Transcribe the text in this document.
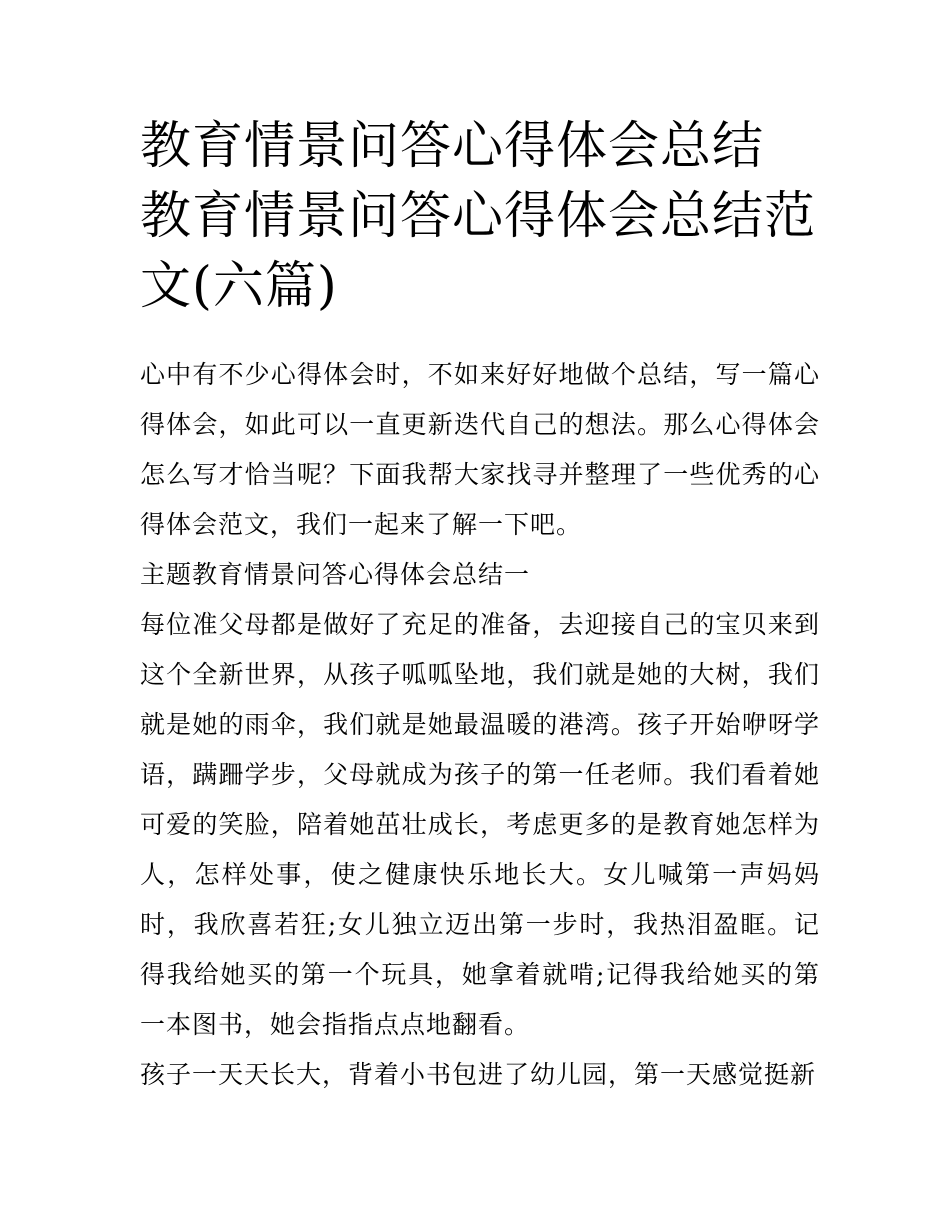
教育情景问答心得体会总结 教育情景问答心得体会总结范文(六篇)

心中有不少心得体会时，不如来好好地做个总结，写一篇心得体会，如此可以一直更新迭代自己的想法。那么心得体会怎么写才恰当呢？下面我帮大家找寻并整理了一些优秀的心得体会范文，我们一起来了解一下吧。

主题教育情景问答心得体会总结一

每位准父母都是做好了充足的准备，去迎接自己的宝贝来到这个全新世界，从孩子呱呱坠地，我们就是她的大树，我们就是她的雨伞，我们就是她最温暖的港湾。孩子开始咿呀学语，蹒跚学步，父母就成为孩子的第一任老师。我们看着她可爱的笑脸，陪着她茁壮成长，考虑更多的是教育她怎样为人，怎样处事，使之健康快乐地长大。女儿喊第一声妈妈时，我欣喜若狂;女儿独立迈出第一步时，我热泪盈眶。记得我给她买的第一个玩具，她拿着就啃;记得我给她买的第一本图书，她会指指点点地翻看。

孩子一天天长大，背着小书包进了幼儿园，第一天感觉挺新
